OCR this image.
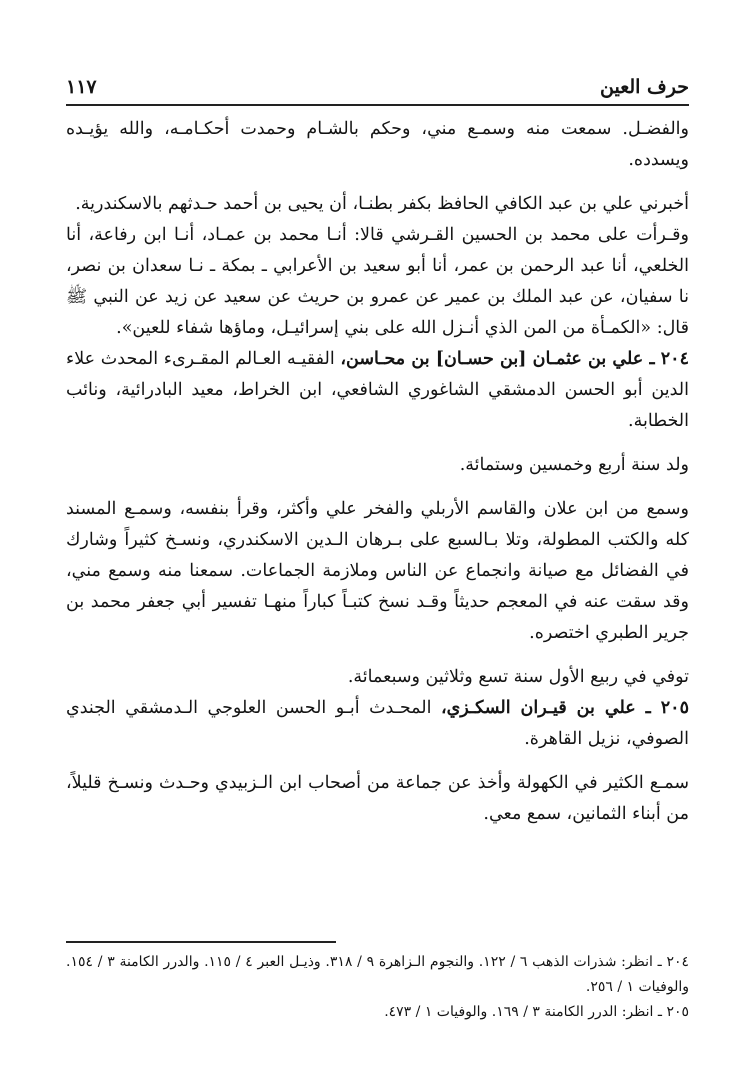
حرف العين
١١٧

والفضـل. سمعت منه وسمـع مني، وحكم بالشـام وحمدت أحكـامـه، والله يؤيـده ويسدده.

أخبرني علي بن عبد الكافي الحافظ بكفر بطنـا، أن يحيى بن أحمد حـدثهم بالاسكندرية.

وقـرأت على محمد بن الحسين القـرشي قالا: أنـا محمد بن عمـاد، أنـا ابن رفاعة، أنا الخلعي، أنا عبد الرحمن بن عمر، أنا أبو سعيد بن الأعرابي ـ بمكة ـ نـا سعدان بن نصر، نا سفيان، عن عبد الملك بن عمير عن عمرو بن حريث عن سعيد عن زيد عن النبي ﷺ قال: «الكمـأة من المن الذي أنـزل الله على بني إسرائيـل، وماؤها شفاء للعين».

٢٠٤ ـ علي بن عثمـان [بن حسـان] بن محـاسن، الفقيـه العـالم المقـرىء المحدث علاء الدين أبو الحسن الدمشقي الشاغوري الشافعي، ابن الخراط، معيد البادرائية، ونائب الخطابة.

ولد سنة أربع وخمسين وستمائة.

وسمع من ابن علان والقاسم الأربلي والفخر علي وأكثر، وقرأ بنفسه، وسمـع المسند كله والكتب المطولة، وتلا بـالسبع على بـرهان الـدين الاسكندري، ونسـخ كثيراً وشارك في الفضائل مع صيانة وانجماع عن الناس وملازمة الجماعات. سمعنا منه وسمع مني، وقد سقت عنه في المعجم حديثاً وقـد نسخ كتبـاً كباراً منهـا تفسير أبي جعفر محمد بن جرير الطبري اختصره.

توفي في ربيع الأول سنة تسع وثلاثين وسبعمائة.

٢٠٥ ـ علي بن قيـران السكـزي، المحـدث أبـو الحسن العلوجي الـدمشقي الجندي الصوفي، نزيل القاهرة.

سمـع الكثير في الكهولة وأخذ عن جماعة من أصحاب ابن الـزبيدي وحـدث ونسـخ قليلاً، من أبناء الثمانين، سمع معي.

٢٠٤ ـ انظر: شذرات الذهب ٦ / ١٢٢. والنجوم الـزاهرة ٩ / ٣١٨. وذيـل العبر ٤ / ١١٥. والدرر الكامنة ٣ / ١٥٤. والوفيات ١ / ٢٥٦.

٢٠٥ ـ انظر: الدرر الكامنة ٣ / ١٦٩. والوفيات ١ / ٤٧٣.
